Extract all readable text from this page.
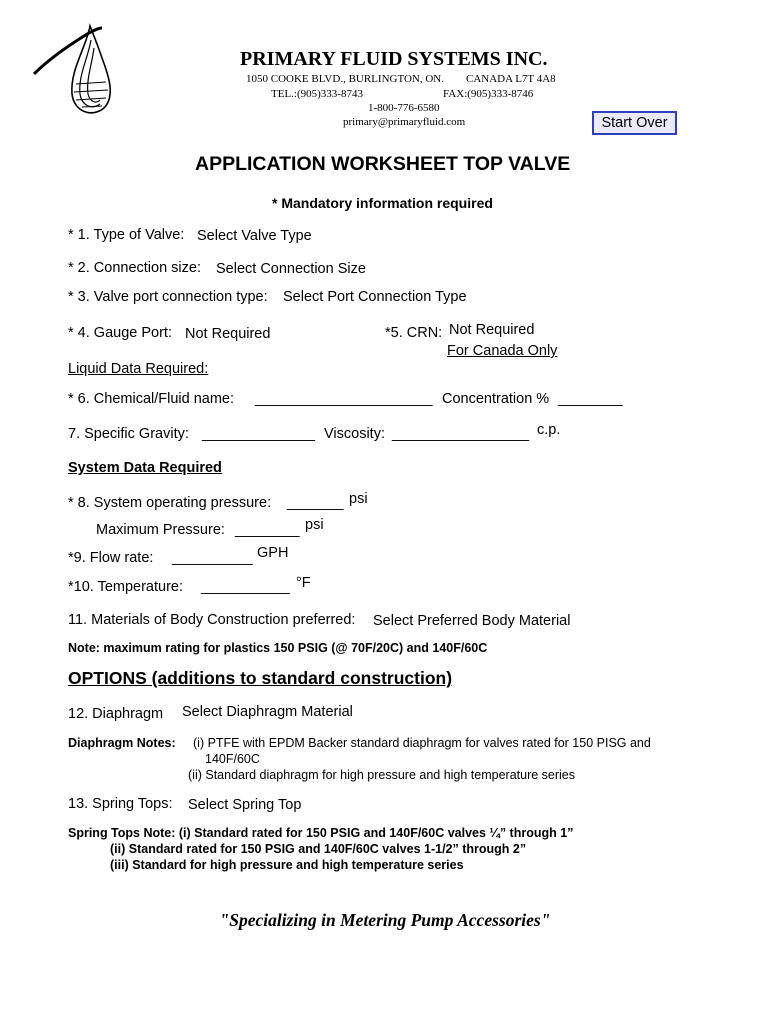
PRIMARY FLUID SYSTEMS INC.
1050 COOKE BLVD., BURLINGTON, ON. CANADA L7T 4A8
TEL.:(905)333-8743	FAX:(905)333-8746
1-800-776-6580
primary@primaryfluid.com	Start Over
APPLICATION WORKSHEET TOP VALVE
* Mandatory information required
* 1. Type of Valve: Select Valve Type
* 2. Connection size: Select Connection Size
* 3. Valve port connection type: Select Port Connection Type
* 4. Gauge Port: Not Required	*5. CRN: Not Required
For Canada Only
Liquid Data Required:
* 6. Chemical/Fluid name: ______________________ Concentration % ________
7. Specific Gravity: ______________ Viscosity: _________________ c.p.
System Data Required
* 8. System operating pressure: _______ psi
Maximum Pressure: ________ psi
*9. Flow rate: __________ GPH
*10. Temperature: ___________ °F
11. Materials of Body Construction preferred: Select Preferred Body Material
Note: maximum rating for plastics 150 PSIG (@ 70F/20C) and 140F/60C
OPTIONS (additions to standard construction)
12. Diaphragm Select Diaphragm Material
Diaphragm Notes: (i) PTFE with EPDM Backer standard diaphragm for valves rated for 150 PISG and
140F/60C
(ii) Standard diaphragm for high pressure and high temperature series
13. Spring Tops: Select Spring Top
Spring Tops Note: (i) Standard rated for 150 PSIG and 140F/60C valves ¼” through 1”
(ii) Standard rated for 150 PSIG and 140F/60C valves 1-1/2” through 2”
(iii) Standard for high pressure and high temperature series
"Specializing in Metering Pump Accessories"
